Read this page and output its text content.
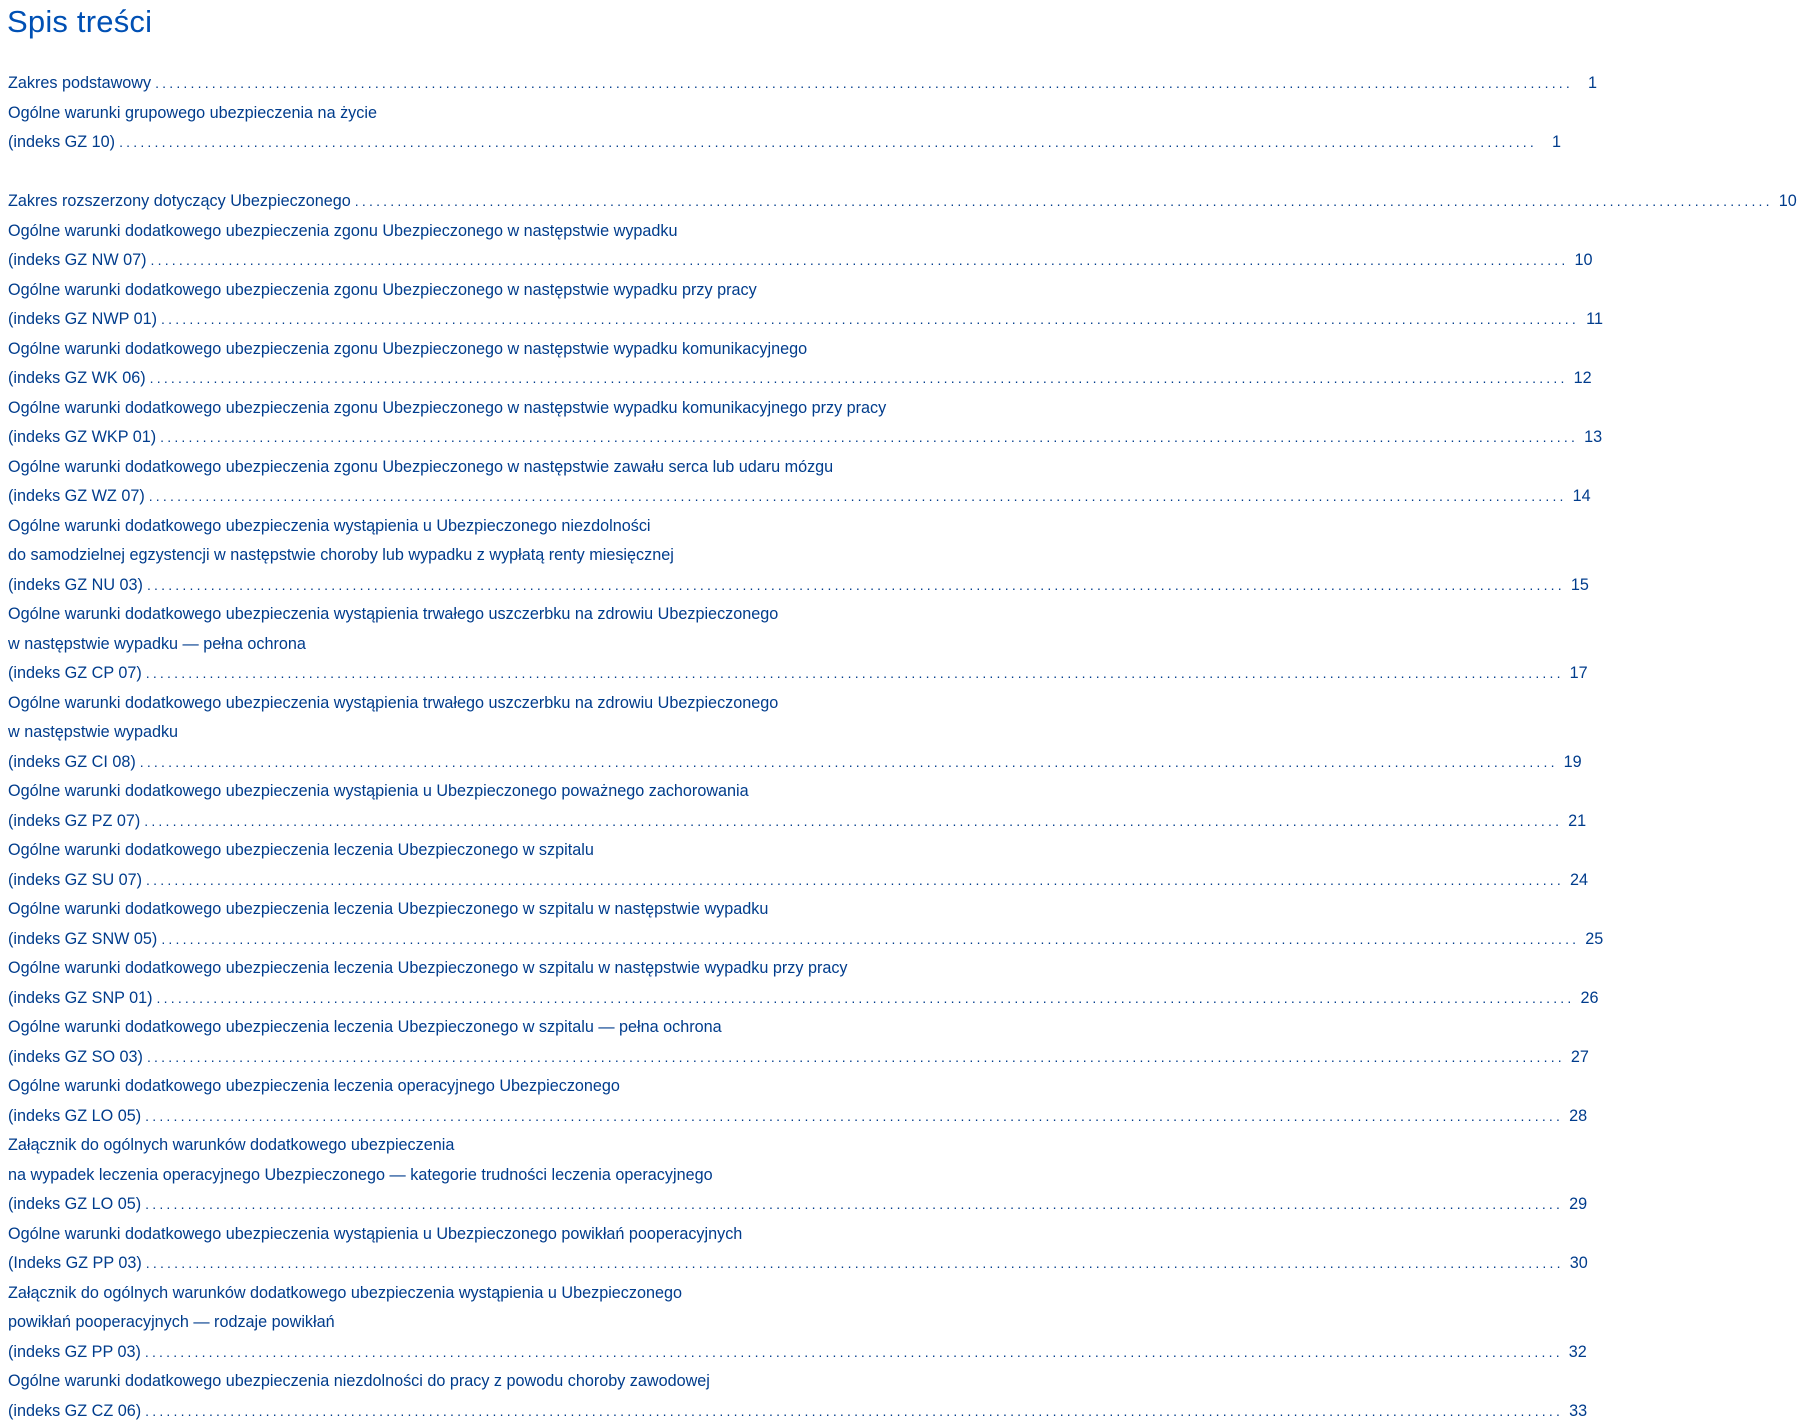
Spis treści
Zakres podstawowy ........................................................................................................................................................................................................ 1
Ogólne warunki grupowego ubezpieczenia na życie
(indeks GZ 10) ........................................................................................................................................................................................................ 1
Zakres rozszerzony dotyczący Ubezpieczonego ........................................................................................................................................................................................................ 10
Ogólne warunki dodatkowego ubezpieczenia zgonu Ubezpieczonego w następstwie wypadku
(indeks GZ NW 07) ........................................................................................................................................................................................................ 10
Ogólne warunki dodatkowego ubezpieczenia zgonu Ubezpieczonego w następstwie wypadku przy pracy
(indeks GZ NWP 01) ........................................................................................................................................................................................................ 11
Ogólne warunki dodatkowego ubezpieczenia zgonu Ubezpieczonego w następstwie wypadku komunikacyjnego
(indeks GZ WK 06) ........................................................................................................................................................................................................ 12
Ogólne warunki dodatkowego ubezpieczenia zgonu Ubezpieczonego w następstwie wypadku komunikacyjnego przy pracy
(indeks GZ WKP 01) ........................................................................................................................................................................................................ 13
Ogólne warunki dodatkowego ubezpieczenia zgonu Ubezpieczonego w następstwie zawału serca lub udaru mózgu
(indeks GZ WZ 07) ........................................................................................................................................................................................................ 14
Ogólne warunki dodatkowego ubezpieczenia wystąpienia u Ubezpieczonego niezdolności
do samodzielnej egzystencji w następstwie choroby lub wypadku z wypłatą renty miesięcznej
(indeks GZ NU 03) ........................................................................................................................................................................................................ 15
Ogólne warunki dodatkowego ubezpieczenia wystąpienia trwałego uszczerbku na zdrowiu Ubezpieczonego
w następstwie wypadku — pełna ochrona
(indeks GZ CP 07) ........................................................................................................................................................................................................ 17
Ogólne warunki dodatkowego ubezpieczenia wystąpienia trwałego uszczerbku na zdrowiu Ubezpieczonego
w następstwie wypadku
(indeks GZ CI 08) ........................................................................................................................................................................................................ 19
Ogólne warunki dodatkowego ubezpieczenia wystąpienia u Ubezpieczonego poważnego zachorowania
(indeks GZ PZ 07) ........................................................................................................................................................................................................ 21
Ogólne warunki dodatkowego ubezpieczenia leczenia Ubezpieczonego w szpitalu
(indeks GZ SU 07) ........................................................................................................................................................................................................ 24
Ogólne warunki dodatkowego ubezpieczenia leczenia Ubezpieczonego w szpitalu w następstwie wypadku
(indeks GZ SNW 05) ........................................................................................................................................................................................................ 25
Ogólne warunki dodatkowego ubezpieczenia leczenia Ubezpieczonego w szpitalu w następstwie wypadku przy pracy
(indeks GZ SNP 01) ........................................................................................................................................................................................................ 26
Ogólne warunki dodatkowego ubezpieczenia leczenia Ubezpieczonego w szpitalu — pełna ochrona
(indeks GZ SO 03) ........................................................................................................................................................................................................ 27
Ogólne warunki dodatkowego ubezpieczenia leczenia operacyjnego Ubezpieczonego
(indeks GZ LO 05) ........................................................................................................................................................................................................ 28
Załącznik do ogólnych warunków dodatkowego ubezpieczenia
na wypadek leczenia operacyjnego Ubezpieczonego — kategorie trudności leczenia operacyjnego
(indeks GZ LO 05) ........................................................................................................................................................................................................ 29
Ogólne warunki dodatkowego ubezpieczenia wystąpienia u Ubezpieczonego powikłań pooperacyjnych
(Indeks GZ PP 03) ........................................................................................................................................................................................................ 30
Załącznik do ogólnych warunków dodatkowego ubezpieczenia wystąpienia u Ubezpieczonego
powikłań pooperacyjnych — rodzaje powikłań
(indeks GZ PP 03) ........................................................................................................................................................................................................ 32
Ogólne warunki dodatkowego ubezpieczenia niezdolności do pracy z powodu choroby zawodowej
(indeks GZ CZ 06) ........................................................................................................................................................................................................ 33
